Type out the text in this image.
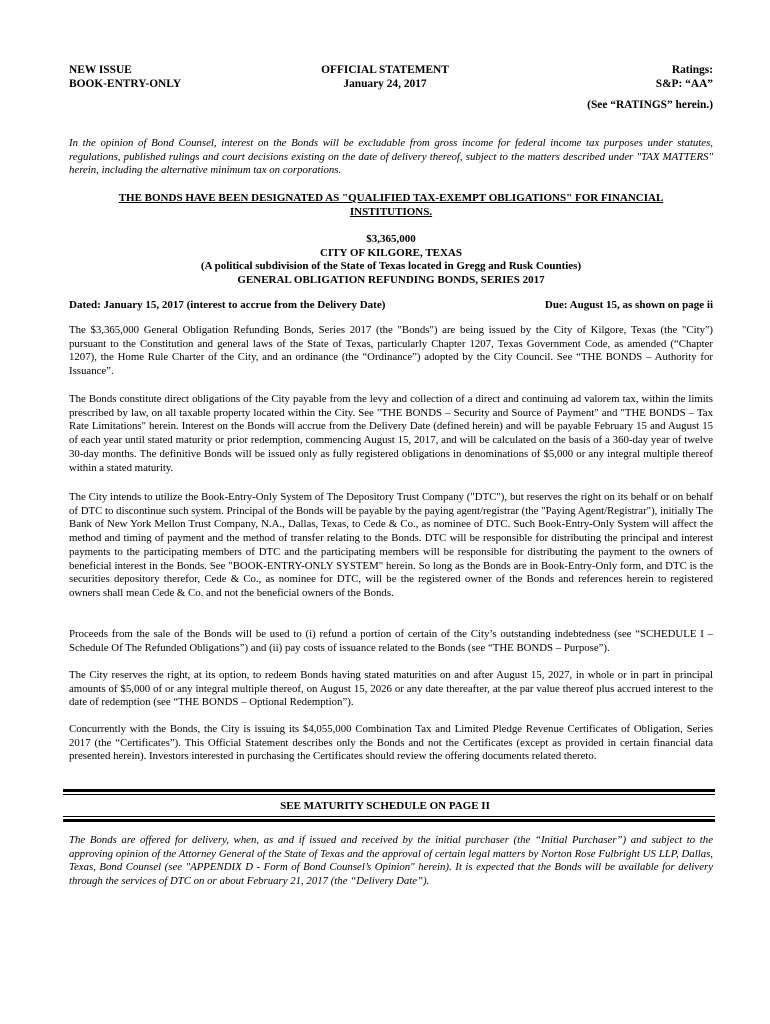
NEW ISSUE
BOOK-ENTRY-ONLY
OFFICIAL STATEMENT
January 24, 2017
Ratings:
S&P: “AA”
(See “RATINGS” herein.)
In the opinion of Bond Counsel, interest on the Bonds will be excludable from gross income for federal income tax purposes under statutes, regulations, published rulings and court decisions existing on the date of delivery thereof, subject to the matters described under "TAX MATTERS" herein, including the alternative minimum tax on corporations.
THE BONDS HAVE BEEN DESIGNATED AS "QUALIFIED TAX-EXEMPT OBLIGATIONS" FOR FINANCIAL INSTITUTIONS.
$3,365,000
CITY OF KILGORE, TEXAS
(A political subdivision of the State of Texas located in Gregg and Rusk Counties)
GENERAL OBLIGATION REFUNDING BONDS, SERIES 2017
Dated: January 15, 2017 (interest to accrue from the Delivery Date)	Due: August 15, as shown on page ii
The $3,365,000 General Obligation Refunding Bonds, Series 2017 (the "Bonds") are being issued by the City of Kilgore, Texas (the "City") pursuant to the Constitution and general laws of the State of Texas, particularly Chapter 1207, Texas Government Code, as amended (“Chapter 1207), the Home Rule Charter of the City, and an ordinance (the “Ordinance”) adopted by the City Council. See “THE BONDS – Authority for Issuance”.
The Bonds constitute direct obligations of the City payable from the levy and collection of a direct and continuing ad valorem tax, within the limits prescribed by law, on all taxable property located within the City. See "THE BONDS – Security and Source of Payment" and "THE BONDS – Tax Rate Limitations" herein. Interest on the Bonds will accrue from the Delivery Date (defined herein) and will be payable February 15 and August 15 of each year until stated maturity or prior redemption, commencing August 15, 2017, and will be calculated on the basis of a 360-day year of twelve 30-day months. The definitive Bonds will be issued only as fully registered obligations in denominations of $5,000 or any integral multiple thereof within a stated maturity.
The City intends to utilize the Book-Entry-Only System of The Depository Trust Company ("DTC"), but reserves the right on its behalf or on behalf of DTC to discontinue such system. Principal of the Bonds will be payable by the paying agent/registrar (the "Paying Agent/Registrar"), initially The Bank of New York Mellon Trust Company, N.A., Dallas, Texas, to Cede & Co., as nominee of DTC. Such Book-Entry-Only System will affect the method and timing of payment and the method of transfer relating to the Bonds. DTC will be responsible for distributing the principal and interest payments to the participating members of DTC and the participating members will be responsible for distributing the payment to the owners of beneficial interest in the Bonds. See "BOOK-ENTRY-ONLY SYSTEM" herein. So long as the Bonds are in Book-Entry-Only form, and DTC is the securities depository therefor, Cede & Co., as nominee for DTC, will be the registered owner of the Bonds and references herein to registered owners shall mean Cede & Co. and not the beneficial owners of the Bonds.
Proceeds from the sale of the Bonds will be used to (i) refund a portion of certain of the City’s outstanding indebtedness (see “SCHEDULE I – Schedule Of The Refunded Obligations”) and (ii) pay costs of issuance related to the Bonds (see “THE BONDS – Purpose”).
The City reserves the right, at its option, to redeem Bonds having stated maturities on and after August 15, 2027, in whole or in part in principal amounts of $5,000 of or any integral multiple thereof, on August 15, 2026 or any date thereafter, at the par value thereof plus accrued interest to the date of redemption (see “THE BONDS – Optional Redemption”).
Concurrently with the Bonds, the City is issuing its $4,055,000 Combination Tax and Limited Pledge Revenue Certificates of Obligation, Series 2017 (the “Certificates”). This Official Statement describes only the Bonds and not the Certificates (except as provided in certain financial data presented herein). Investors interested in purchasing the Certificates should review the offering documents related thereto.
SEE MATURITY SCHEDULE ON PAGE II
The Bonds are offered for delivery, when, as and if issued and received by the initial purchaser (the “Initial Purchaser”) and subject to the approving opinion of the Attorney General of the State of Texas and the approval of certain legal matters by Norton Rose Fulbright US LLP, Dallas, Texas, Bond Counsel (see "APPENDIX D - Form of Bond Counsel’s Opinion" herein). It is expected that the Bonds will be available for delivery through the services of DTC on or about February 21, 2017 (the “Delivery Date”).
